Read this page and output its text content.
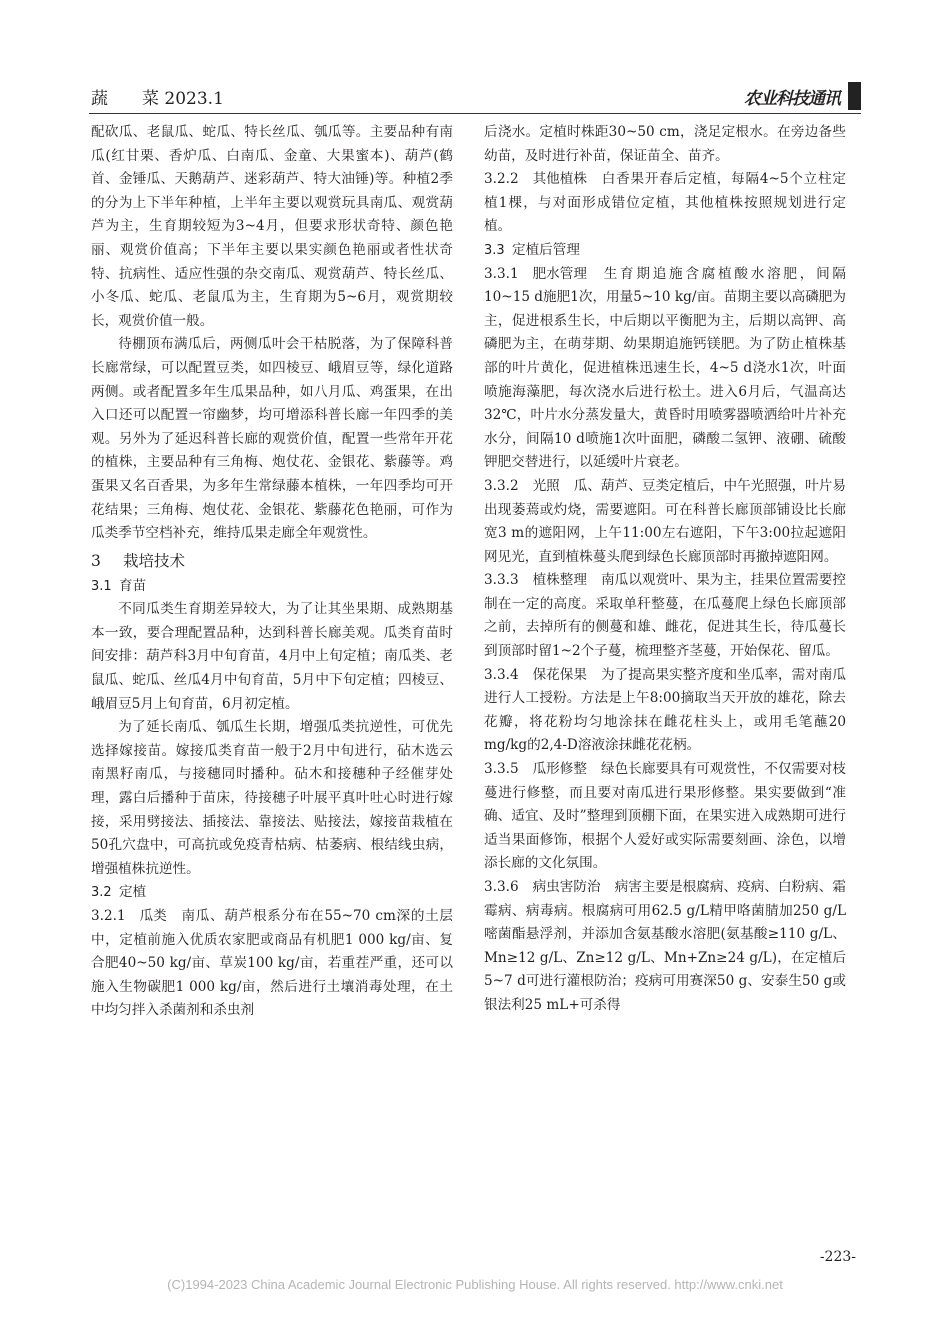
蔬　　菜 2023.1	农业科技通讯

配砍瓜、老鼠瓜、蛇瓜、特长丝瓜、瓠瓜等。主要品种有南瓜(红甘栗、香炉瓜、白南瓜、金童、大果蜜本)、葫芦(鹤首、金锤瓜、天鹅葫芦、迷彩葫芦、特大油锤)等。种植2季的分为上下半年种植，上半年主要以观赏玩具南瓜、观赏葫芦为主，生育期较短为3~4月，但要求形状奇特、颜色艳丽、观赏价值高；下半年主要以果实颜色艳丽或者性状奇特、抗病性、适应性强的杂交南瓜、观赏葫芦、特长丝瓜、小冬瓜、蛇瓜、老鼠瓜为主，生育期为5~6月，观赏期较长，观赏价值一般。

待棚顶布满瓜后，两侧瓜叶会干枯脱落，为了保障科普长廊常绿，可以配置豆类，如四棱豆、峨眉豆等，绿化道路两侧。或者配置多年生瓜果品种，如八月瓜、鸡蛋果，在出入口还可以配置一帘幽梦，均可增添科普长廊一年四季的美观。另外为了延迟科普长廊的观赏价值，配置一些常年开花的植株，主要品种有三角梅、炮仗花、金银花、紫藤等。鸡蛋果又名百香果，为多年生常绿藤本植株，一年四季均可开花结果；三角梅、炮仗花、金银花、紫藤花色艳丽，可作为瓜类季节空档补充，维持瓜果走廊全年观赏性。

3 栽培技术

3.1 育苗

不同瓜类生育期差异较大，为了让其坐果期、成熟期基本一致，要合理配置品种，达到科普长廊美观。瓜类育苗时间安排：葫芦科3月中旬育苗，4月中上旬定植；南瓜类、老鼠瓜、蛇瓜、丝瓜4月中旬育苗，5月中下旬定植；四棱豆、峨眉豆5月上旬育苗，6月初定植。

为了延长南瓜、瓠瓜生长期，增强瓜类抗逆性，可优先选择嫁接苗。嫁接瓜类育苗一般于2月中旬进行，砧木选云南黑籽南瓜，与接穗同时播种。砧木和接穗种子经催芽处理，露白后播种于苗床，待接穗子叶展平真叶吐心时进行嫁接，采用劈接法、插接法、靠接法、贴接法，嫁接苗栽植在50孔穴盘中，可高抗或免疫青枯病、枯萎病、根结线虫病，增强植株抗逆性。

3.2 定植

3.2.1 瓜类 南瓜、葫芦根系分布在55~70 cm深的土层中，定植前施入优质农家肥或商品有机肥1 000 kg/亩、复合肥40~50 kg/亩、草炭100 kg/亩，若重茬严重，还可以施入生物碳肥1 000 kg/亩，然后进行土壤消毒处理，在土中均匀拌入杀菌剂和杀虫剂

后浇水。定植时株距30~50 cm，浇足定根水。在旁边备些幼苗，及时进行补苗，保证苗全、苗齐。

3.2.2 其他植株 白香果开春后定植，每隔4~5个立柱定植1棵，与对面形成错位定植，其他植株按照规划进行定植。

3.3 定植后管理

3.3.1 肥水管理 生育期追施含腐植酸水溶肥，间隔10~15 d施肥1次，用量5~10 kg/亩。苗期主要以高磷肥为主，促进根系生长，中后期以平衡肥为主，后期以高钾、高磷肥为主，在萌芽期、幼果期追施钙镁肥。为了防止植株基部的叶片黄化，促进植株迅速生长，4~5 d浇水1次，叶面喷施海藻肥，每次浇水后进行松土。进入6月后，气温高达32℃，叶片水分蒸发量大，黄昏时用喷雾器喷洒给叶片补充水分，间隔10 d喷施1次叶面肥，磷酸二氢钾、液硼、硫酸钾肥交替进行，以延缓叶片衰老。

3.3.2 光照 瓜、葫芦、豆类定植后，中午光照强，叶片易出现萎蔫或灼烧，需要遮阳。可在科普长廊顶部铺设比长廊宽3 m的遮阳网，上午11:00左右遮阳，下午3:00拉起遮阳网见光，直到植株蔓头爬到绿色长廊顶部时再撤掉遮阳网。

3.3.3 植株整理 南瓜以观赏叶、果为主，挂果位置需要控制在一定的高度。采取单秆整蔓，在瓜蔓爬上绿色长廊顶部之前，去掉所有的侧蔓和雄、雌花，促进其生长，待瓜蔓长到顶部时留1~2个子蔓，梳理整齐茎蔓，开始保花、留瓜。

3.3.4 保花保果 为了提高果实整齐度和坐瓜率，需对南瓜进行人工授粉。方法是上午8:00摘取当天开放的雄花，除去花瓣，将花粉均匀地涂抹在雌花柱头上，或用毛笔蘸20 mg/kg的2,4-D溶液涂抹雌花花柄。

3.3.5 瓜形修整 绿色长廊要具有可观赏性，不仅需要对枝蔓进行修整，而且要对南瓜进行果形修整。果实要做到“准确、适宜、及时”整理到顶棚下面，在果实进入成熟期可进行适当果面修饰，根据个人爱好或实际需要刻画、涂色，以增添长廊的文化氛围。

3.3.6 病虫害防治 病害主要是根腐病、疫病、白粉病、霜霉病、病毒病。根腐病可用62.5 g/L精甲咯菌腈加250 g/L嘧菌酯悬浮剂，并添加含氨基酸水溶肥(氨基酸≥110 g/L、Mn≥12 g/L、Zn≥12 g/L、Mn+Zn≥24 g/L)，在定植后5~7 d可进行灌根防治；疫病可用赛深50 g、安泰生50 g或银法利25 mL+可杀得

-223-
(C)1994-2023 China Academic Journal Electronic Publishing House. All rights reserved. http://www.cnki.net
